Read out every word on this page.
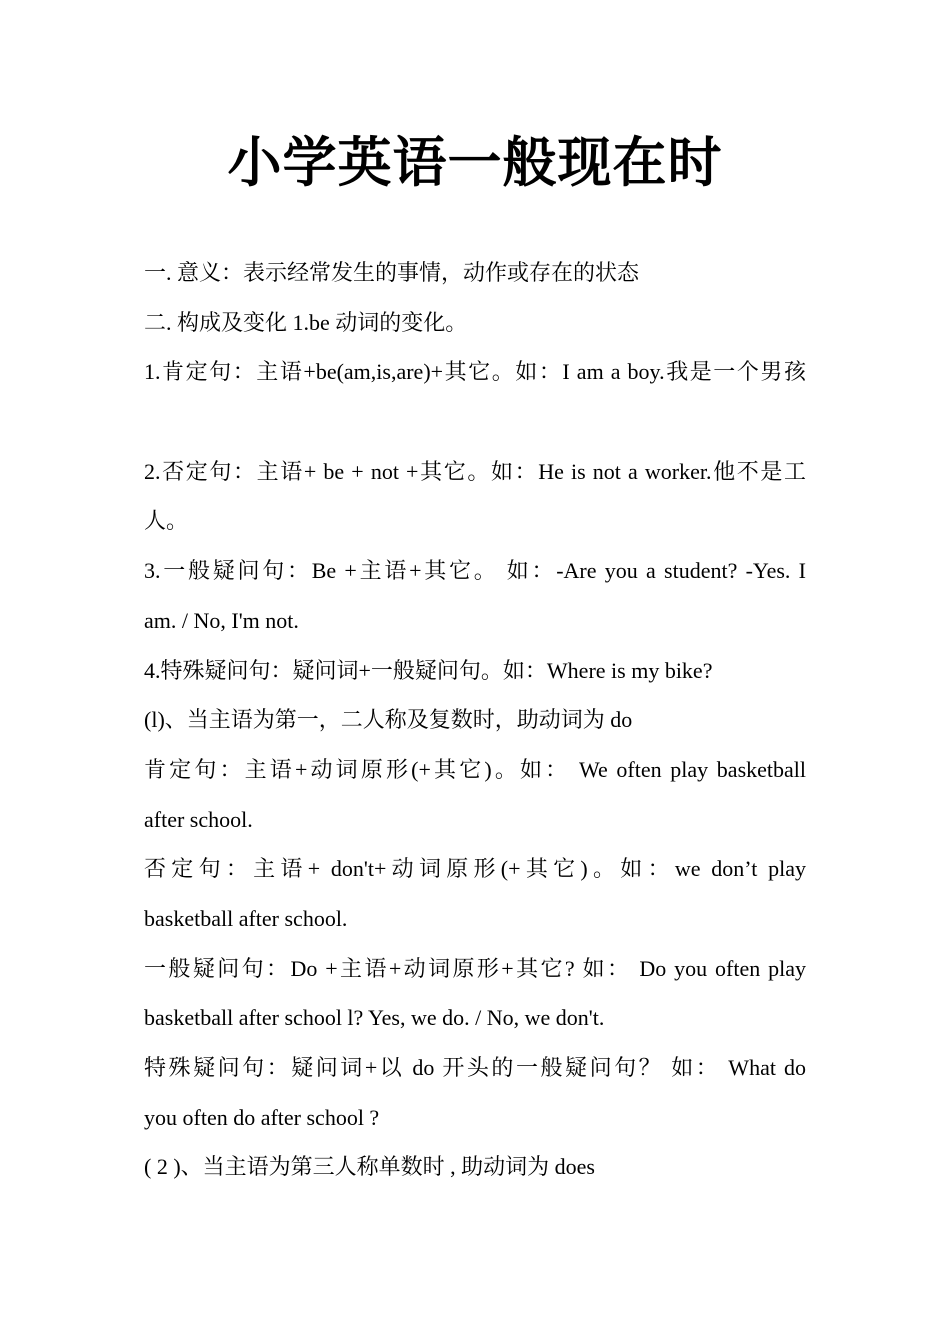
小学英语一般现在时
一. 意义：表示经常发生的事情，动作或存在的状态
二. 构成及变化 1.be 动词的变化。
1.肯定句：主语+be(am,is,are)+其它。如：I am a boy.我是一个男孩
2.否定句：主语+ be + not +其它。如：He is not a worker.他不是工
人。
3.一般疑问句：Be +主语+其它。 如：-Are you a student? -Yes. I
am. / No, I'm not.
4.特殊疑问句：疑问词+一般疑问句。如：Where is my bike?
(l)、当主语为第一，二人称及复数时，助动词为 do
肯定句：主语+动词原形(+其它)。如： We often play basketball
after school.
否定句：主语+ don't+动词原形(+其它)。如：we don’t play
basketball after school.
一般疑问句：Do +主语+动词原形+其它? 如： Do you often play
basketball after school l? Yes, we do. / No, we don't.
特殊疑问句：疑问词+以 do 开头的一般疑问句？ 如： What do
you often do after school ?
( 2 )、当主语为第三人称单数时 , 助动词为 does
